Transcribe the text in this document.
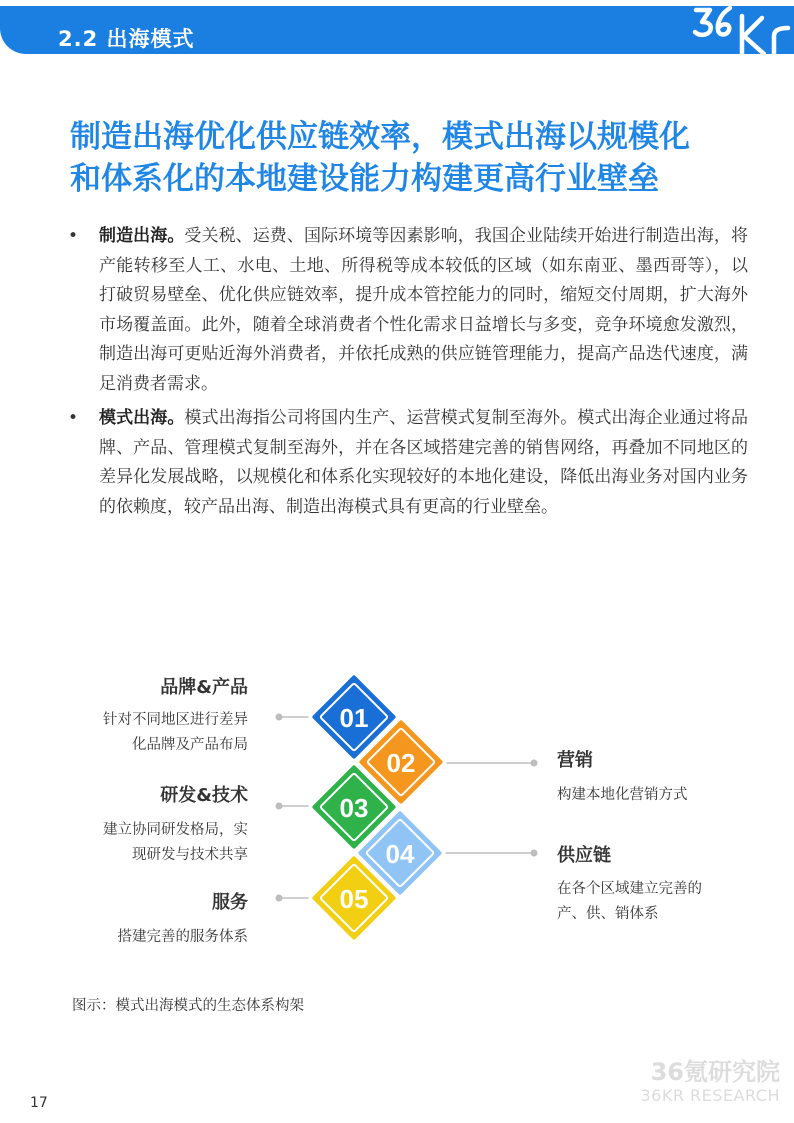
2.2 出海模式
制造出海优化供应链效率，模式出海以规模化
和体系化的本地建设能力构建更高行业壁垒
• 制造出海。受关税、运费、国际环境等因素影响，我国企业陆续开始进行制造出海，将产能转移至人工、水电、土地、所得税等成本较低的区域（如东南亚、墨西哥等），以打破贸易壁垒、优化供应链效率，提升成本管控能力的同时，缩短交付周期，扩大海外市场覆盖面。此外，随着全球消费者个性化需求日益增长与多变，竞争环境愈发激烈，制造出海可更贴近海外消费者，并依托成熟的供应链管理能力，提高产品迭代速度，满足消费者需求。
• 模式出海。模式出海指公司将国内生产、运营模式复制至海外。模式出海企业通过将品牌、产品、管理模式复制至海外，并在各区域搭建完善的销售网络，再叠加不同地区的差异化发展战略，以规模化和体系化实现较好的本地化建设，降低出海业务对国内业务的依赖度，较产品出海、制造出海模式具有更高的行业壁垒。
01
02
03
04
05
品牌&产品
针对不同地区进行差异
化品牌及产品布局
研发&技术
建立协同研发格局，实
现研发与技术共享
服务
搭建完善的服务体系
营销
构建本地化营销方式
供应链
在各个区域建立完善的
产、供、销体系
图示：模式出海模式的生态体系构架
36氪研究院
36KR RESEARCH
17
